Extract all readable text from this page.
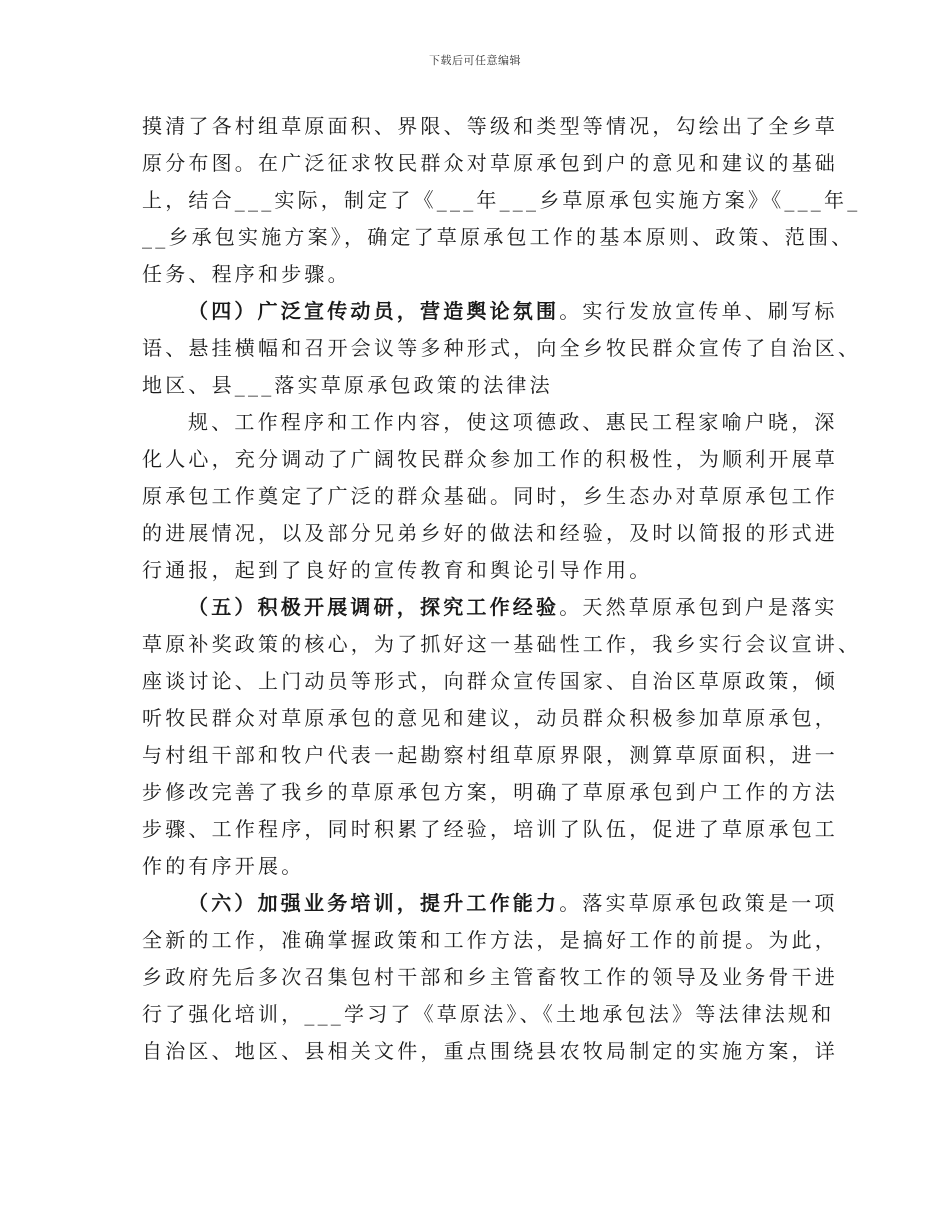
下载后可任意编辑
摸清了各村组草原面积、界限、等级和类型等情况，勾绘出了全乡草
原分布图。在广泛征求牧民群众对草原承包到户的意见和建议的基础
上，结合___实际，制定了《___年___乡草原承包实施方案》《___年_
__乡承包实施方案》，确定了草原承包工作的基本原则、政策、范围、
任务、程序和步骤。
（四）广泛宣传动员，营造舆论氛围。实行发放宣传单、刷写标
语、悬挂横幅和召开会议等多种形式，向全乡牧民群众宣传了自治区、
地区、县___落实草原承包政策的法律法
规、工作程序和工作内容，使这项德政、惠民工程家喻户晓，深
化人心，充分调动了广阔牧民群众参加工作的积极性，为顺利开展草
原承包工作奠定了广泛的群众基础。同时，乡生态办对草原承包工作
的进展情况，以及部分兄弟乡好的做法和经验，及时以简报的形式进
行通报，起到了良好的宣传教育和舆论引导作用。
（五）积极开展调研，探究工作经验。天然草原承包到户是落实
草原补奖政策的核心，为了抓好这一基础性工作，我乡实行会议宣讲、
座谈讨论、上门动员等形式，向群众宣传国家、自治区草原政策，倾
听牧民群众对草原承包的意见和建议，动员群众积极参加草原承包，
与村组干部和牧户代表一起勘察村组草原界限，测算草原面积，进一
步修改完善了我乡的草原承包方案，明确了草原承包到户工作的方法
步骤、工作程序，同时积累了经验，培训了队伍，促进了草原承包工
作的有序开展。
（六）加强业务培训，提升工作能力。落实草原承包政策是一项
全新的工作，准确掌握政策和工作方法，是搞好工作的前提。为此，
乡政府先后多次召集包村干部和乡主管畜牧工作的领导及业务骨干进
行了强化培训，___学习了《草原法》、《土地承包法》等法律法规和
自治区、地区、县相关文件，重点围绕县农牧局制定的实施方案，详
